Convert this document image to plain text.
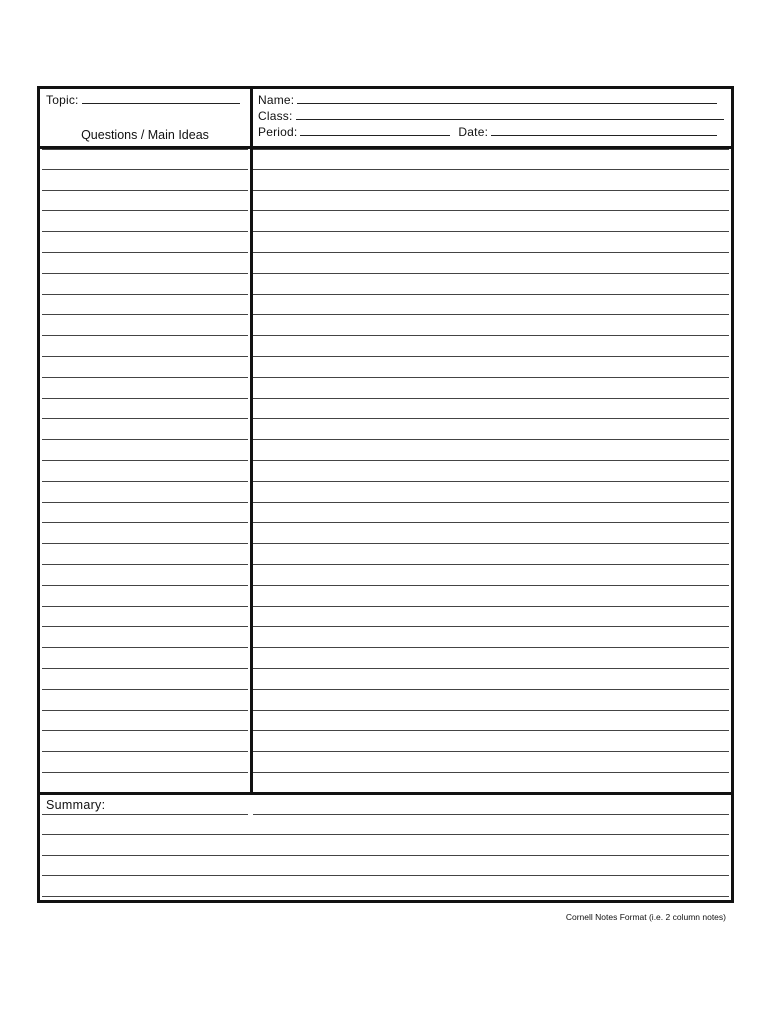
Topic:
Questions / Main Ideas
Name:
Class:
Period:	Date:
Summary:
Cornell Notes Format (i.e. 2 column notes)
